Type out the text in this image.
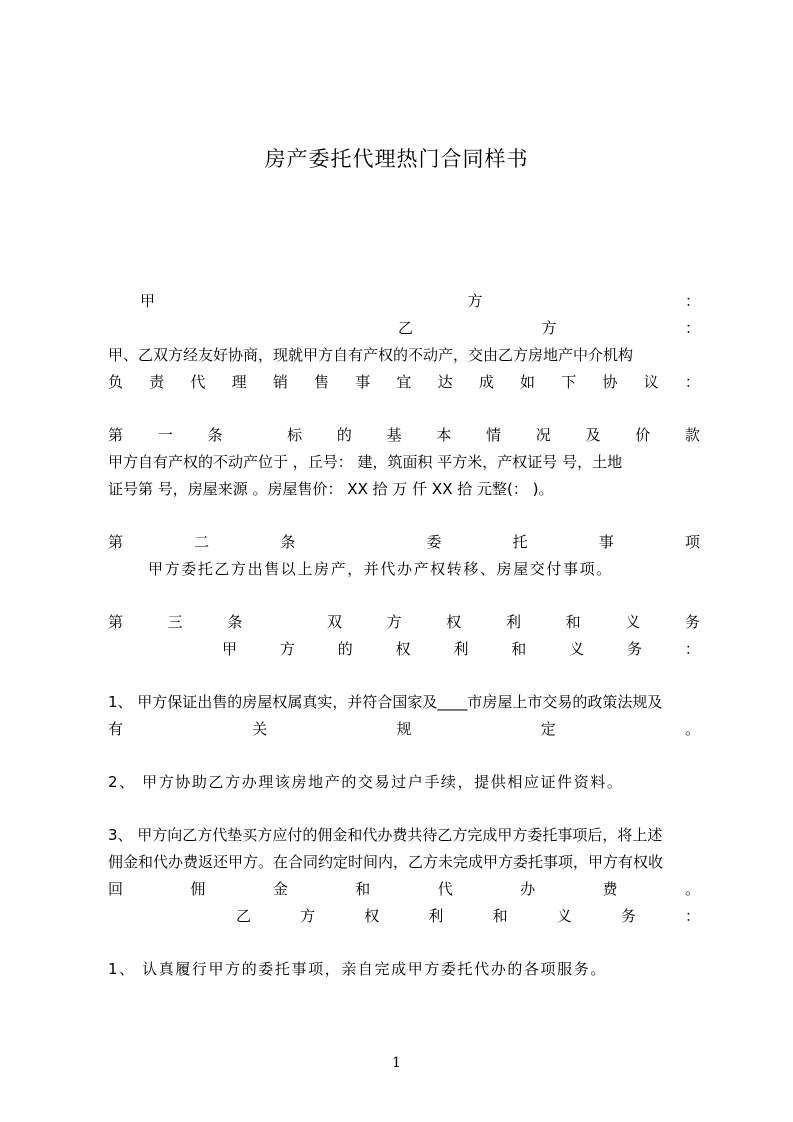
房产委托代理热门合同样书
甲	方	：
乙	方	：
甲、乙双方经友好协商，现就甲方自有产权的不动产，交由乙方房地产中介机构
负 责 代 理 销 售 事 宜 达 成 如 下 协 议 ：
第 一 条	标 的 基 本 情 况 及 价 款
甲方自有产权的不动产位于 ，丘号： 建，筑面积 平方米，产权证号 号，土地
证号第 号，房屋来源 。房屋售价： XX 拾 万 仟 XX 拾 元整(： )。
第	二	条	委	托	事	项
甲方委托乙方出售以上房产，并代办产权转移、房屋交付事项。
第	三	条	双	方	权	利	和	义	务
甲	方	的	权	利	和	义	务	：
1、 甲方保证出售的房屋权属真实，并符合国家及____市房屋上市交易的政策法规及
有	关	规	定	。
2、 甲方协助乙方办理该房地产的交易过户手续，提供相应证件资料。
3、 甲方向乙方代垫买方应付的佣金和代办费共待乙方完成甲方委托事项后，将上述
佣金和代办费返还甲方。在合同约定时间内，乙方未完成甲方委托事项，甲方有权收
回	佣	金	和	代	办	费	。
乙	方	权	利	和	义	务	：
1、 认真履行甲方的委托事项，亲自完成甲方委托代办的各项服务。
1
